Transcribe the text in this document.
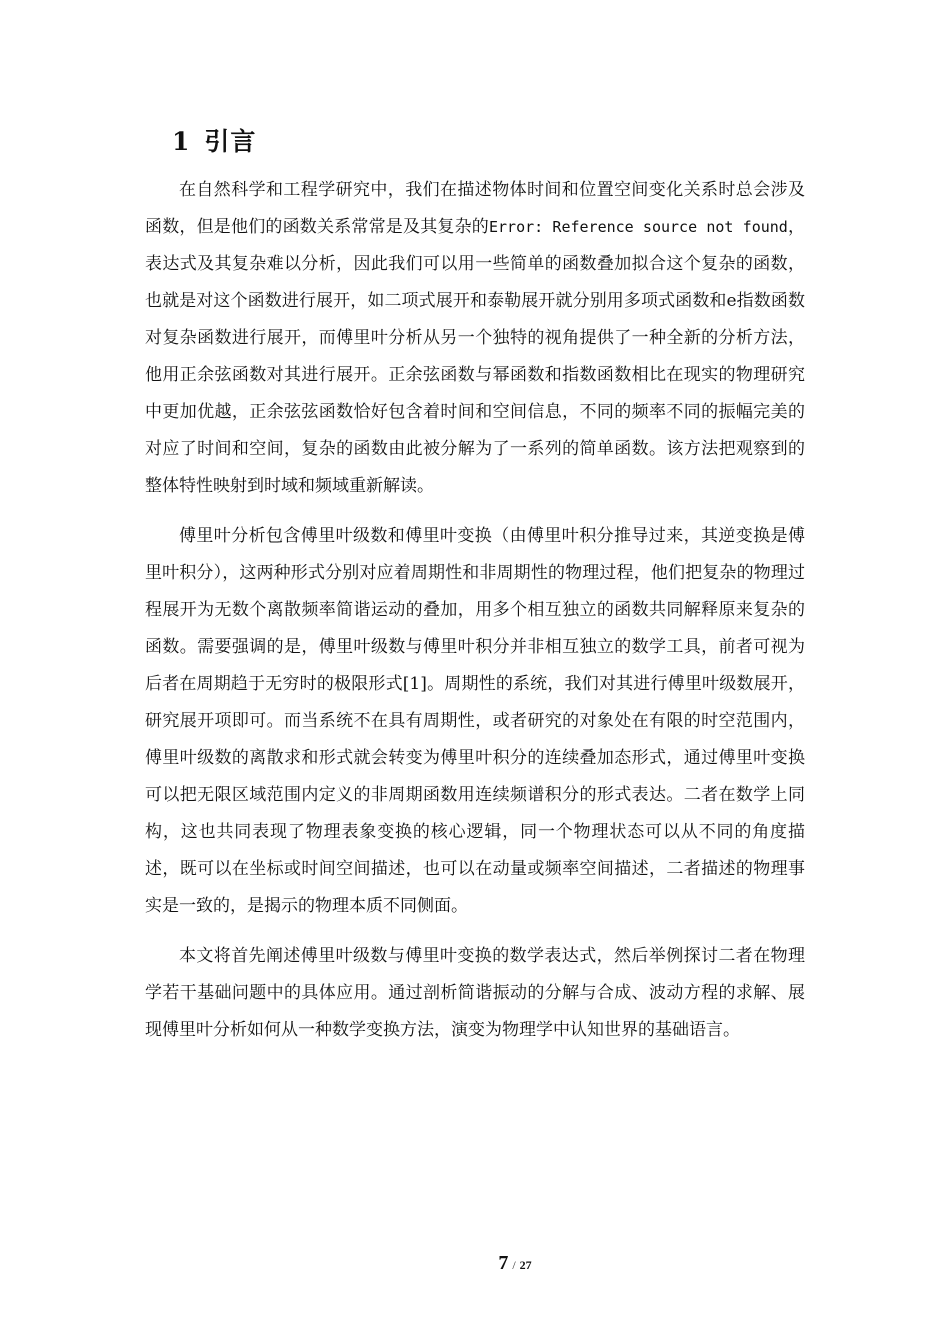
1 引言

在自然科学和工程学研究中，我们在描述物体时间和位置空间变化关系时总会涉及函数，但是他们的函数关系常常是及其复杂的Error: Reference source not found，表达式及其复杂难以分析，因此我们可以用一些简单的函数叠加拟合这个复杂的函数，也就是对这个函数进行展开，如二项式展开和泰勒展开就分别用多项式函数和e指数函数对复杂函数进行展开，而傅里叶分析从另一个独特的视角提供了一种全新的分析方法，他用正余弦函数对其进行展开。正余弦函数与幂函数和指数函数相比在现实的物理研究中更加优越，正余弦弦函数恰好包含着时间和空间信息，不同的频率不同的振幅完美的对应了时间和空间，复杂的函数由此被分解为了一系列的简单函数。该方法把观察到的整体特性映射到时域和频域重新解读。

傅里叶分析包含傅里叶级数和傅里叶变换（由傅里叶积分推导过来，其逆变换是傅里叶积分），这两种形式分别对应着周期性和非周期性的物理过程，他们把复杂的物理过程展开为无数个离散频率简谐运动的叠加，用多个相互独立的函数共同解释原来复杂的函数。需要强调的是，傅里叶级数与傅里叶积分并非相互独立的数学工具，前者可视为后者在周期趋于无穷时的极限形式[1]。周期性的系统，我们对其进行傅里叶级数展开，研究展开项即可。而当系统不在具有周期性，或者研究的对象处在有限的时空范围内，傅里叶级数的离散求和形式就会转变为傅里叶积分的连续叠加态形式，通过傅里叶变换可以把无限区域范围内定义的非周期函数用连续频谱积分的形式表达。二者在数学上同构，这也共同表现了物理表象变换的核心逻辑，同一个物理状态可以从不同的角度描述，既可以在坐标或时间空间描述，也可以在动量或频率空间描述，二者描述的物理事实是一致的，是揭示的物理本质不同侧面。

本文将首先阐述傅里叶级数与傅里叶变换的数学表达式，然后举例探讨二者在物理学若干基础问题中的具体应用。通过剖析简谐振动的分解与合成、波动方程的求解、展现傅里叶分析如何从一种数学变换方法，演变为物理学中认知世界的基础语言。

7 / 27
